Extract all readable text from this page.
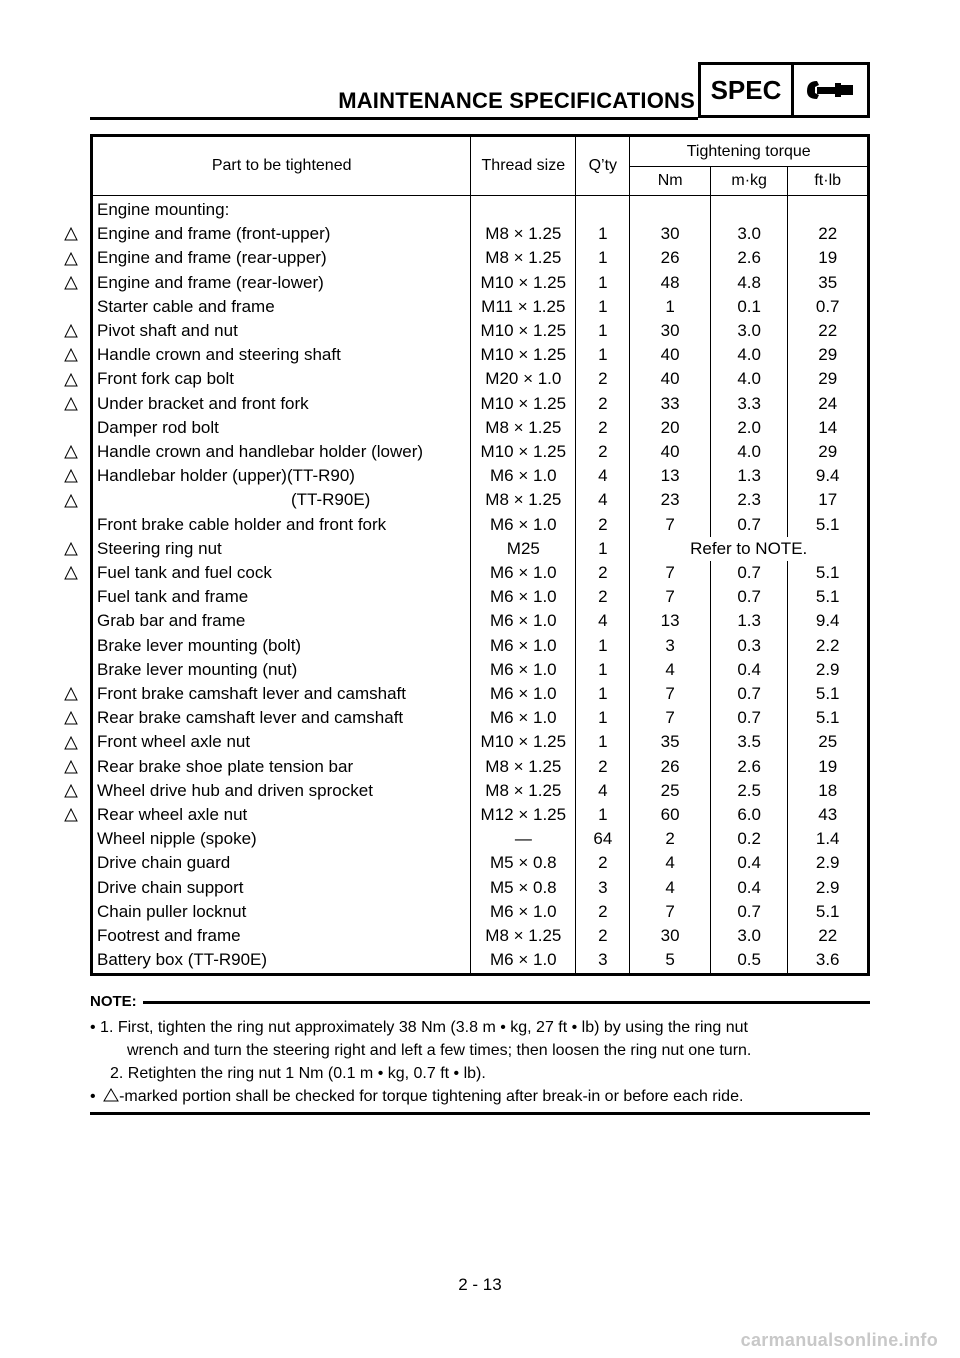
MAINTENANCE SPECIFICATIONS SPEC
Part to be tightened	Thread size	Q’ty	Tightening torque		
			Nm	m·kg	ft·lb
Engine mounting:					
Engine and frame (front-upper)	M8 × 1.25	1	30	3.0	22
Engine and frame (rear-upper)	M8 × 1.25	1	26	2.6	19
Engine and frame (rear-lower)	M10 × 1.25	1	48	4.8	35
Starter cable and frame	M11 × 1.25	1	1	0.1	0.7
Pivot shaft and nut	M10 × 1.25	1	30	3.0	22
Handle crown and steering shaft	M10 × 1.25	1	40	4.0	29
Front fork cap bolt	M20 × 1.0	2	40	4.0	29
Under bracket and front fork	M10 × 1.25	2	33	3.3	24
Damper rod bolt	M8 × 1.25	2	20	2.0	14
Handle crown and handlebar holder (lower)	M10 × 1.25	2	40	4.0	29
Handlebar holder (upper)(TT-R90)	M6 × 1.0	4	13	1.3	9.4
(TT-R90E)	M8 × 1.25	4	23	2.3	17
Front brake cable holder and front fork	M6 × 1.0	2	7	0.7	5.1
Steering ring nut	M25	1	Refer to NOTE.		
Fuel tank and fuel cock	M6 × 1.0	2	7	0.7	5.1
Fuel tank and frame	M6 × 1.0	2	7	0.7	5.1
Grab bar and frame	M6 × 1.0	4	13	1.3	9.4
Brake lever mounting (bolt)	M6 × 1.0	1	3	0.3	2.2
Brake lever mounting (nut)	M6 × 1.0	1	4	0.4	2.9
Front brake camshaft lever and camshaft	M6 × 1.0	1	7	0.7	5.1
Rear brake camshaft lever and camshaft	M6 × 1.0	1	7	0.7	5.1
Front wheel axle nut	M10 × 1.25	1	35	3.5	25
Rear brake shoe plate tension bar	M8 × 1.25	2	26	2.6	19
Wheel drive hub and driven sprocket	M8 × 1.25	4	25	2.5	18
Rear wheel axle nut	M12 × 1.25	1	60	6.0	43
Wheel nipple (spoke)	—	64	2	0.2	1.4
Drive chain guard	M5 × 0.8	2	4	0.4	2.9
Drive chain support	M5 × 0.8	3	4	0.4	2.9
Chain puller locknut	M6 × 1.0	2	7	0.7	5.1
Footrest and frame	M8 × 1.25	2	30	3.0	22
Battery box (TT-R90E)	M6 × 1.0	3	5	0.5	3.6
NOTE:
• 1. First, tighten the ring nut approximately 38 Nm (3.8 m • kg, 27 ft • lb) by using the ring nut
wrench and turn the steering right and left a few times; then loosen the ring nut one turn.
2. Retighten the ring nut 1 Nm (0.1 m • kg, 0.7 ft • lb).
• -marked portion shall be checked for torque tightening after break-in or before each ride.
2 - 13
carmanualsonline.info
